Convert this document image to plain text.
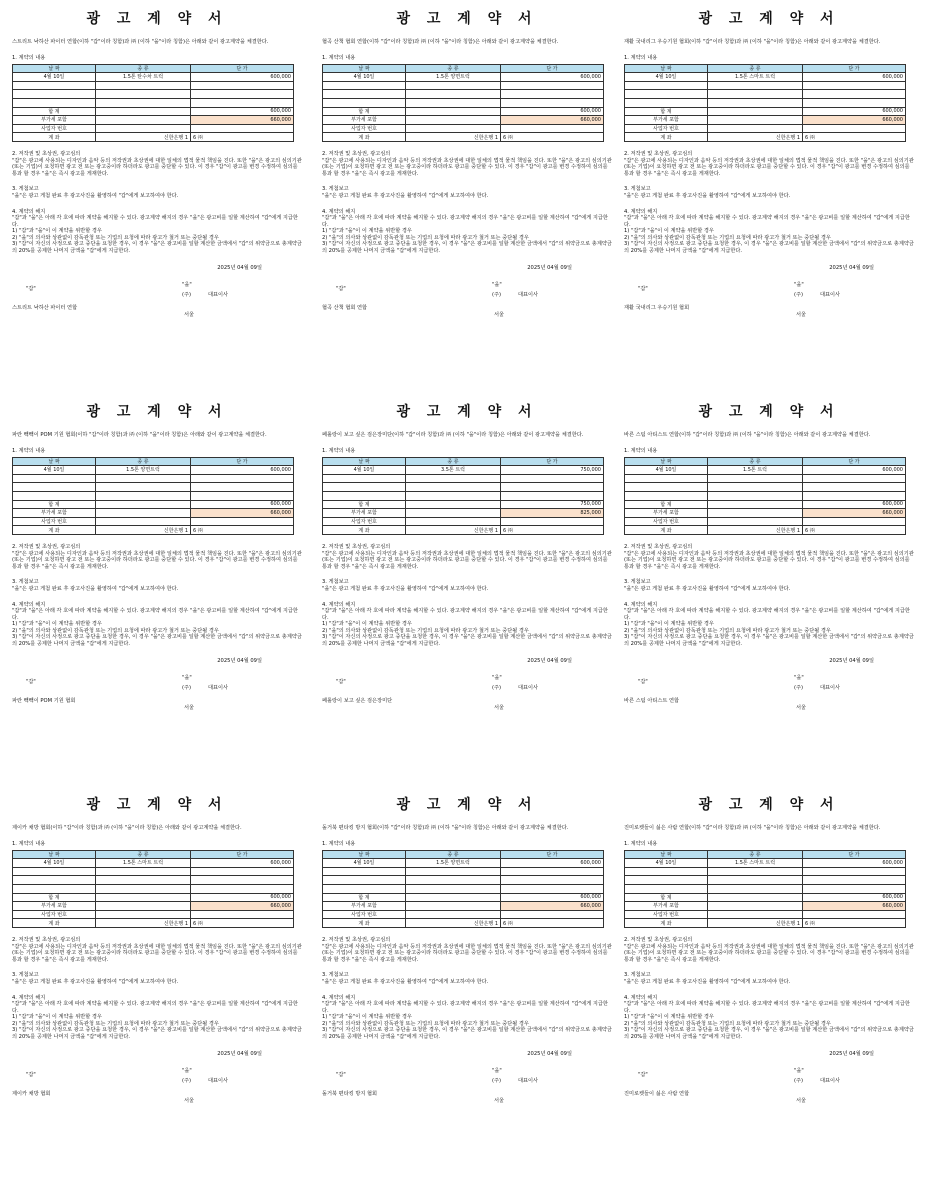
광 고 계 약 서
스트리트 낙하산 파이터 연합(이하 "갑"이라 칭함)과 ㈜ (이하 "을"이라 칭함)은 아래와 같이 광고계약을 체결한다.
1. 계약의 내용
날 짜	종 류	단 가
4월 10일	1.5톤 탄수차 트럭	600,000

합 계		600,000
부가세 포함		660,000
사업자 번호		
계 좌	신한은행 1	6 ㈜
2. 저작권 및 초상권, 광고심의
"갑"은 광고에 사용되는 디자인과 음악 등의 저작권과 초상권에 대한 일체의 법적 물적 책임을 진다. 또한 "을"은 광고의 심의기관(또는 기업)이 요청하면 광고 전 또는 광고중이라 하더라도 광고를 중단할 수 있다. 이 경우 "갑"이 광고를 변경 수정하여 심의를 통과 할 경우 "을"은 즉시 광고를 게재한다.
3. 게첨보고
"을"은 광고 게첨 완료 후 광고사진을 촬영하여 "갑"에게 보고하여야 한다.
4. 계약의 해지
"갑"과 "을"은 아래 각 호에 따라 계약을 해지할 수 있다. 광고계약 해지의 경우 "을"은 광고비를 일할 계산하여 "갑"에게 지급한다.
1) "갑"과 "을"이 이 계약을 위반할 경우
2) "을"의 의사와 상관없이 감독관청 또는 기업의 요청에 따라 광고가 철거 또는 중단될 경우
3) "갑"이 자신의 사정으로 광고 중단을 요청한 경우, 이 경우 "을"은 광고비를 일할 계산한 금액에서 "갑"의 위약금으로 총계약금의 20%를 공제한 나머지 금액을 "갑"에게 지급한다.
2025년 04월 09일
"갑"
"을"
(주)	대표이사
스트리트 낙하산 파이터 연합
서울
광 고 계 약 서
협곡 산책 협회 연합(이하 "갑"이라 칭함)과 ㈜ (이하 "을"이라 칭함)은 아래와 같이 광고계약을 체결한다.
1. 계약의 내용
날 짜	종 류	단 가
4월 10일	1.5톤 양면트럭	600,000

합 계		600,000
부가세 포함		660,000
사업자 번호		
계 좌	신한은행 1	6 ㈜
2. 저작권 및 초상권, 광고심의
"갑"은 광고에 사용되는 디자인과 음악 등의 저작권과 초상권에 대한 일체의 법적 물적 책임을 진다. 또한 "을"은 광고의 심의기관(또는 기업)이 요청하면 광고 전 또는 광고중이라 하더라도 광고를 중단할 수 있다. 이 경우 "갑"이 광고를 변경 수정하여 심의를 통과 할 경우 "을"은 즉시 광고를 게재한다.
3. 게첨보고
"을"은 광고 게첨 완료 후 광고사진을 촬영하여 "갑"에게 보고하여야 한다.
4. 계약의 해지
"갑"과 "을"은 아래 각 호에 따라 계약을 해지할 수 있다. 광고계약 해지의 경우 "을"은 광고비를 일할 계산하여 "갑"에게 지급한다.
1) "갑"과 "을"이 이 계약을 위반할 경우
2) "을"의 의사와 상관없이 감독관청 또는 기업의 요청에 따라 광고가 철거 또는 중단될 경우
3) "갑"이 자신의 사정으로 광고 중단을 요청한 경우, 이 경우 "을"은 광고비를 일할 계산한 금액에서 "갑"의 위약금으로 총계약금의 20%를 공제한 나머지 금액을 "갑"에게 지급한다.
2025년 04월 09일
"갑"
"을"
(주)	대표이사
협곡 산책 협회 연합
서울
광 고 계 약 서
재활 국내리그 우승기원 협회(이하 "갑"이라 칭함)과 ㈜ (이하 "을"이라 칭함)은 아래와 같이 광고계약을 체결한다.
1. 계약의 내용
날 짜	종 류	단 가
4월 10일	1.5톤 스마트 트럭	600,000

합 계		600,000
부가세 포함		660,000
사업자 번호		
계 좌	신한은행 1	6 ㈜
2. 저작권 및 초상권, 광고심의
"갑"은 광고에 사용되는 디자인과 음악 등의 저작권과 초상권에 대한 일체의 법적 물적 책임을 진다. 또한 "을"은 광고의 심의기관(또는 기업)이 요청하면 광고 전 또는 광고중이라 하더라도 광고를 중단할 수 있다. 이 경우 "갑"이 광고를 변경 수정하여 심의를 통과 할 경우 "을"은 즉시 광고를 게재한다.
3. 게첨보고
"을"은 광고 게첨 완료 후 광고사진을 촬영하여 "갑"에게 보고하여야 한다.
4. 계약의 해지
"갑"과 "을"은 아래 각 호에 따라 계약을 해지할 수 있다. 광고계약 해지의 경우 "을"은 광고비를 일할 계산하여 "갑"에게 지급한다.
1) "갑"과 "을"이 이 계약을 위반할 경우
2) "을"의 의사와 상관없이 감독관청 또는 기업의 요청에 따라 광고가 철거 또는 중단될 경우
3) "갑"이 자신의 사정으로 광고 중단을 요청한 경우, 이 경우 "을"은 광고비를 일할 계산한 금액에서 "갑"의 위약금으로 총계약금의 20%를 공제한 나머지 금액을 "갑"에게 지급한다.
2025년 04월 09일
"갑"
"을"
(주)	대표이사
재활 국내리그 우승기원 협회
서울
광 고 계 약 서
파란 빽빽이 POM 기원 협회(이하 "갑"이라 칭함)과 ㈜ (이하 "을"이라 칭함)은 아래와 같이 광고계약을 체결한다.
1. 계약의 내용
날 짜	종 류	단 가
4월 10일	1.5톤 양면트럭	600,000

합 계		600,000
부가세 포함		660,000
사업자 번호		
계 좌	신한은행 1	6 ㈜
2. 저작권 및 초상권, 광고심의
"갑"은 광고에 사용되는 디자인과 음악 등의 저작권과 초상권에 대한 일체의 법적 물적 책임을 진다. 또한 "을"은 광고의 심의기관(또는 기업)이 요청하면 광고 전 또는 광고중이라 하더라도 광고를 중단할 수 있다. 이 경우 "갑"이 광고를 변경 수정하여 심의를 통과 할 경우 "을"은 즉시 광고를 게재한다.
3. 게첨보고
"을"은 광고 게첨 완료 후 광고사진을 촬영하여 "갑"에게 보고하여야 한다.
4. 계약의 해지
"갑"과 "을"은 아래 각 호에 따라 계약을 해지할 수 있다. 광고계약 해지의 경우 "을"은 광고비를 일할 계산하여 "갑"에게 지급한다.
1) "갑"과 "을"이 이 계약을 위반할 경우
2) "을"의 의사와 상관없이 감독관청 또는 기업의 요청에 따라 광고가 철거 또는 중단될 경우
3) "갑"이 자신의 사정으로 광고 중단을 요청한 경우, 이 경우 "을"은 광고비를 일할 계산한 금액에서 "갑"의 위약금으로 총계약금의 20%를 공제한 나머지 금액을 "갑"에게 지급한다.
2025년 04월 09일
"갑"
"을"
(주)	대표이사
파란 빽빽이 POM 기원 협회
서울
광 고 계 약 서
페롤랑이 보고 싶은 검은장미단(이하 "갑"이라 칭함)과 ㈜ (이하 "을"이라 칭함)은 아래와 같이 광고계약을 체결한다.
1. 계약의 내용
날 짜	종 류	단 가
4월 10일	3.5톤 트럭	750,000

합 계		750,000
부가세 포함		825,000
사업자 번호		
계 좌	신한은행 1	6 ㈜
2. 저작권 및 초상권, 광고심의
"갑"은 광고에 사용되는 디자인과 음악 등의 저작권과 초상권에 대한 일체의 법적 물적 책임을 진다. 또한 "을"은 광고의 심의기관(또는 기업)이 요청하면 광고 전 또는 광고중이라 하더라도 광고를 중단할 수 있다. 이 경우 "갑"이 광고를 변경 수정하여 심의를 통과 할 경우 "을"은 즉시 광고를 게재한다.
3. 게첨보고
"을"은 광고 게첨 완료 후 광고사진을 촬영하여 "갑"에게 보고하여야 한다.
4. 계약의 해지
"갑"과 "을"은 아래 각 호에 따라 계약을 해지할 수 있다. 광고계약 해지의 경우 "을"은 광고비를 일할 계산하여 "갑"에게 지급한다.
1) "갑"과 "을"이 이 계약을 위반할 경우
2) "을"의 의사와 상관없이 감독관청 또는 기업의 요청에 따라 광고가 철거 또는 중단될 경우
3) "갑"이 자신의 사정으로 광고 중단을 요청한 경우, 이 경우 "을"은 광고비를 일할 계산한 금액에서 "갑"의 위약금으로 총계약금의 20%를 공제한 나머지 금액을 "갑"에게 지급한다.
2025년 04월 09일
"갑"
"을"
(주)	대표이사
페롤랑이 보고 싶은 검은장미단
서울
광 고 계 약 서
바른 스팀 아티스트 연합(이하 "갑"이라 칭함)과 ㈜ (이하 "을"이라 칭함)은 아래와 같이 광고계약을 체결한다.
1. 계약의 내용
날 짜	종 류	단 가
4월 10일	1.5톤 트럭	600,000

합 계		600,000
부가세 포함		660,000
사업자 번호		
계 좌	신한은행 1	6 ㈜
2. 저작권 및 초상권, 광고심의
"갑"은 광고에 사용되는 디자인과 음악 등의 저작권과 초상권에 대한 일체의 법적 물적 책임을 진다. 또한 "을"은 광고의 심의기관(또는 기업)이 요청하면 광고 전 또는 광고중이라 하더라도 광고를 중단할 수 있다. 이 경우 "갑"이 광고를 변경 수정하여 심의를 통과 할 경우 "을"은 즉시 광고를 게재한다.
3. 게첨보고
"을"은 광고 게첨 완료 후 광고사진을 촬영하여 "갑"에게 보고하여야 한다.
4. 계약의 해지
"갑"과 "을"은 아래 각 호에 따라 계약을 해지할 수 있다. 광고계약 해지의 경우 "을"은 광고비를 일할 계산하여 "갑"에게 지급한다.
1) "갑"과 "을"이 이 계약을 위반할 경우
2) "을"의 의사와 상관없이 감독관청 또는 기업의 요청에 따라 광고가 철거 또는 중단될 경우
3) "갑"이 자신의 사정으로 광고 중단을 요청한 경우, 이 경우 "을"은 광고비를 일할 계산한 금액에서 "갑"의 위약금으로 총계약금의 20%를 공제한 나머지 금액을 "갑"에게 지급한다.
2025년 04월 09일
"갑"
"을"
(주)	대표이사
바른 스팀 아티스트 연합
서울
광 고 계 약 서
제이카 채방 협회(이하 "갑"이라 칭함)과 ㈜ (이하 "을"이라 칭함)은 아래와 같이 광고계약을 체결한다.
1. 계약의 내용
날 짜	종 류	단 가
4월 10일	1.5톤 스마트 트럭	600,000

합 계		600,000
부가세 포함		660,000
사업자 번호		
계 좌	신한은행 1	6 ㈜
2. 저작권 및 초상권, 광고심의
"갑"은 광고에 사용되는 디자인과 음악 등의 저작권과 초상권에 대한 일체의 법적 물적 책임을 진다. 또한 "을"은 광고의 심의기관(또는 기업)이 요청하면 광고 전 또는 광고중이라 하더라도 광고를 중단할 수 있다. 이 경우 "갑"이 광고를 변경 수정하여 심의를 통과 할 경우 "을"은 즉시 광고를 게재한다.
3. 게첨보고
"을"은 광고 게첨 완료 후 광고사진을 촬영하여 "갑"에게 보고하여야 한다.
4. 계약의 해지
"갑"과 "을"은 아래 각 호에 따라 계약을 해지할 수 있다. 광고계약 해지의 경우 "을"은 광고비를 일할 계산하여 "갑"에게 지급한다.
1) "갑"과 "을"이 이 계약을 위반할 경우
2) "을"의 의사와 상관없이 감독관청 또는 기업의 요청에 따라 광고가 철거 또는 중단될 경우
3) "갑"이 자신의 사정으로 광고 중단을 요청한 경우, 이 경우 "을"은 광고비를 일할 계산한 금액에서 "갑"의 위약금으로 총계약금의 20%를 공제한 나머지 금액을 "갑"에게 지급한다.
2025년 04월 09일
"갑"
"을"
(주)	대표이사
제이카 채방 협회
서울
광 고 계 약 서
돌거북 편타킹 방지 협회(이하 "갑"이라 칭함)과 ㈜ (이하 "을"이라 칭함)은 아래와 같이 광고계약을 체결한다.
1. 계약의 내용
날 짜	종 류	단 가
4월 10일	1.5톤 양면트럭	600,000

합 계		600,000
부가세 포함		660,000
사업자 번호		
계 좌	신한은행 1	6 ㈜
2. 저작권 및 초상권, 광고심의
"갑"은 광고에 사용되는 디자인과 음악 등의 저작권과 초상권에 대한 일체의 법적 물적 책임을 진다. 또한 "을"은 광고의 심의기관(또는 기업)이 요청하면 광고 전 또는 광고중이라 하더라도 광고를 중단할 수 있다. 이 경우 "갑"이 광고를 변경 수정하여 심의를 통과 할 경우 "을"은 즉시 광고를 게재한다.
3. 게첨보고
"을"은 광고 게첨 완료 후 광고사진을 촬영하여 "갑"에게 보고하여야 한다.
4. 계약의 해지
"갑"과 "을"은 아래 각 호에 따라 계약을 해지할 수 있다. 광고계약 해지의 경우 "을"은 광고비를 일할 계산하여 "갑"에게 지급한다.
1) "갑"과 "을"이 이 계약을 위반할 경우
2) "을"의 의사와 상관없이 감독관청 또는 기업의 요청에 따라 광고가 철거 또는 중단될 경우
3) "갑"이 자신의 사정으로 광고 중단을 요청한 경우, 이 경우 "을"은 광고비를 일할 계산한 금액에서 "갑"의 위약금으로 총계약금의 20%를 공제한 나머지 금액을 "갑"에게 지급한다.
2025년 04월 09일
"갑"
"을"
(주)	대표이사
돌거북 편타킹 방지 협회
서울
광 고 계 약 서
진미로켓들이 싫은 사람 연합(이하 "갑"이라 칭함)과 ㈜ (이하 "을"이라 칭함)은 아래와 같이 광고계약을 체결한다.
1. 계약의 내용
날 짜	종 류	단 가
4월 10일	1.5톤 스마트 트럭	600,000

합 계		600,000
부가세 포함		660,000
사업자 번호		
계 좌	신한은행 1	6 ㈜
2. 저작권 및 초상권, 광고심의
"갑"은 광고에 사용되는 디자인과 음악 등의 저작권과 초상권에 대한 일체의 법적 물적 책임을 진다. 또한 "을"은 광고의 심의기관(또는 기업)이 요청하면 광고 전 또는 광고중이라 하더라도 광고를 중단할 수 있다. 이 경우 "갑"이 광고를 변경 수정하여 심의를 통과 할 경우 "을"은 즉시 광고를 게재한다.
3. 게첨보고
"을"은 광고 게첨 완료 후 광고사진을 촬영하여 "갑"에게 보고하여야 한다.
4. 계약의 해지
"갑"과 "을"은 아래 각 호에 따라 계약을 해지할 수 있다. 광고계약 해지의 경우 "을"은 광고비를 일할 계산하여 "갑"에게 지급한다.
1) "갑"과 "을"이 이 계약을 위반할 경우
2) "을"의 의사와 상관없이 감독관청 또는 기업의 요청에 따라 광고가 철거 또는 중단될 경우
3) "갑"이 자신의 사정으로 광고 중단을 요청한 경우, 이 경우 "을"은 광고비를 일할 계산한 금액에서 "갑"의 위약금으로 총계약금의 20%를 공제한 나머지 금액을 "갑"에게 지급한다.
2025년 04월 09일
"갑"
"을"
(주)	대표이사
진미로켓들이 싫은 사람 연합
서울
